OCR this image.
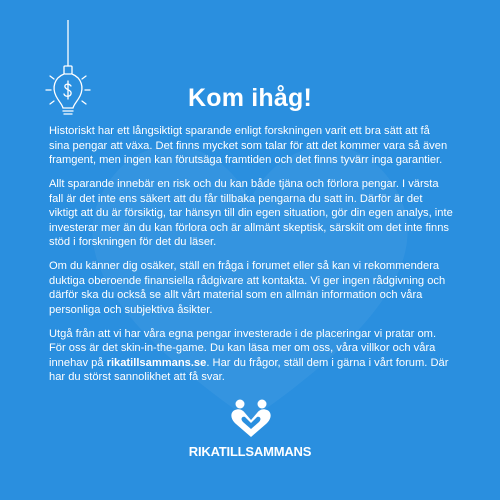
Kom ihåg!

Historiskt har ett långsiktigt sparande enligt forskningen varit ett bra sätt att få sina pengar att växa. Det finns mycket som talar för att det kommer vara så även framgent, men ingen kan förutsäga framtiden och det finns tyvärr inga garantier.

Allt sparande innebär en risk och du kan både tjäna och förlora pengar. I värsta fall är det inte ens säkert att du får tillbaka pengarna du satt in. Därför är det viktigt att du är försiktig, tar hänsyn till din egen situation, gör din egen analys, inte investerar mer än du kan förlora och är allmänt skeptisk, särskilt om det inte finns stöd i forskningen för det du läser.

Om du känner dig osäker, ställ en fråga i forumet eller så kan vi rekommendera duktiga oberoende finansiella rådgivare att kontakta. Vi ger ingen rådgivning och därför ska du också se allt vårt material som en allmän information och våra personliga och subjektiva åsikter.

Utgå från att vi har våra egna pengar investerade i de placeringar vi pratar om. För oss är det skin-in-the-game. Du kan läsa mer om oss, våra villkor och våra innehav på rikatillsammans.se. Har du frågor, ställ dem i gärna i vårt forum. Där har du störst sannolikhet att få svar.

RIKATILLSAMMANS
